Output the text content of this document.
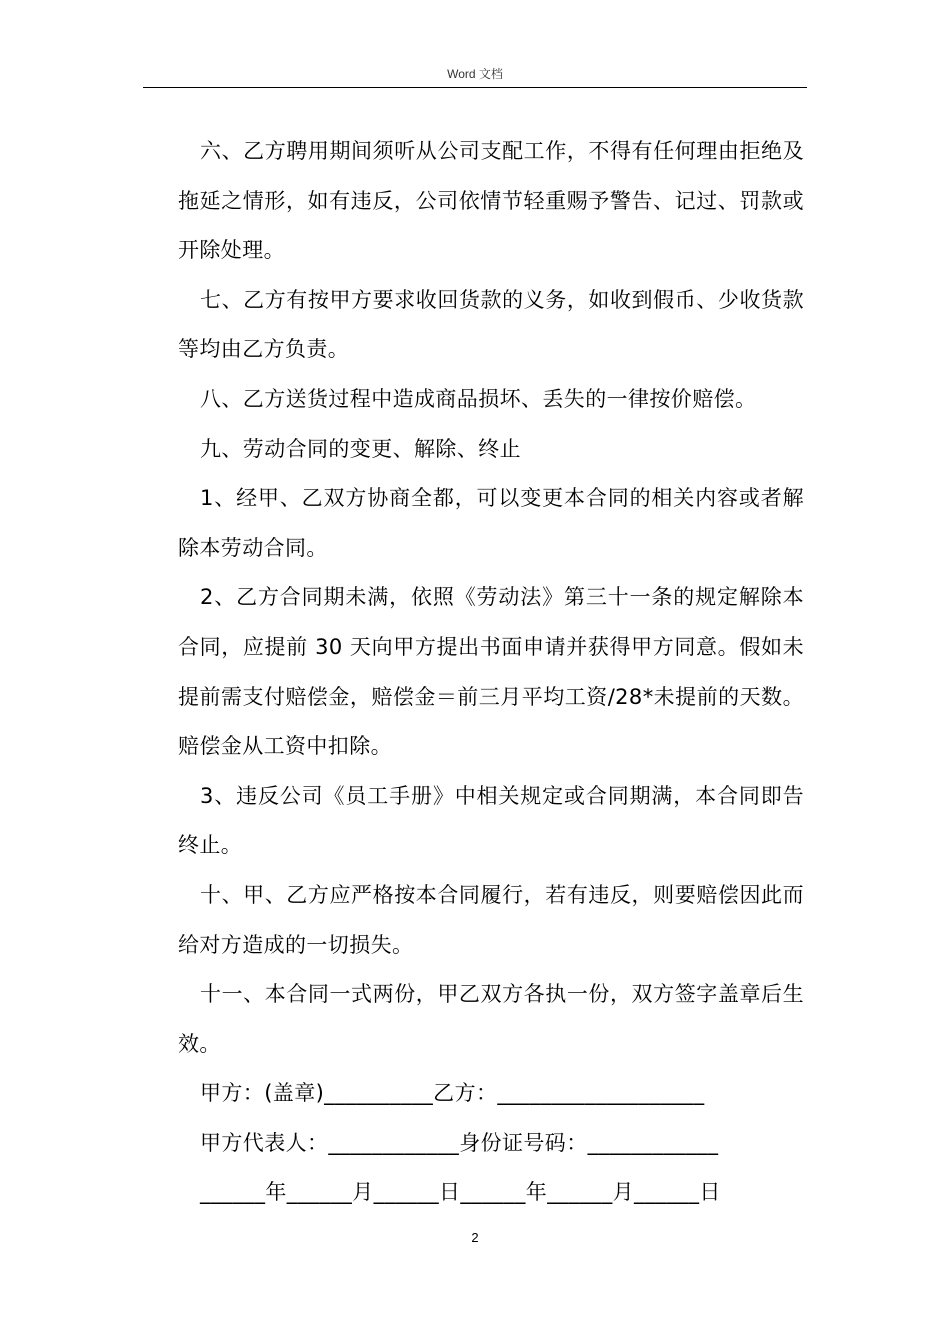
Word 文档

六、乙方聘用期间须听从公司支配工作，不得有任何理由拒绝及拖延之情形，如有违反，公司依情节轻重赐予警告、记过、罚款或开除处理。

七、乙方有按甲方要求收回货款的义务，如收到假币、少收货款等均由乙方负责。

八、乙方送货过程中造成商品损坏、丢失的一律按价赔偿。

九、劳动合同的变更、解除、终止

1、经甲、乙双方协商全都，可以变更本合同的相关内容或者解除本劳动合同。

2、乙方合同期未满，依照《劳动法》第三十一条的规定解除本合同，应提前 30 天向甲方提出书面申请并获得甲方同意。假如未提前需支付赔偿金，赔偿金＝前三月平均工资/28*未提前的天数。赔偿金从工资中扣除。

3、违反公司《员工手册》中相关规定或合同期满，本合同即告终止。

十、甲、乙方应严格按本合同履行，若有违反，则要赔偿因此而给对方造成的一切损失。

十一、本合同一式两份，甲乙双方各执一份，双方签字盖章后生效。

甲方：(盖章)__________乙方：___________________

甲方代表人：____________身份证号码：____________

______年______月______日______年______月______日

2
